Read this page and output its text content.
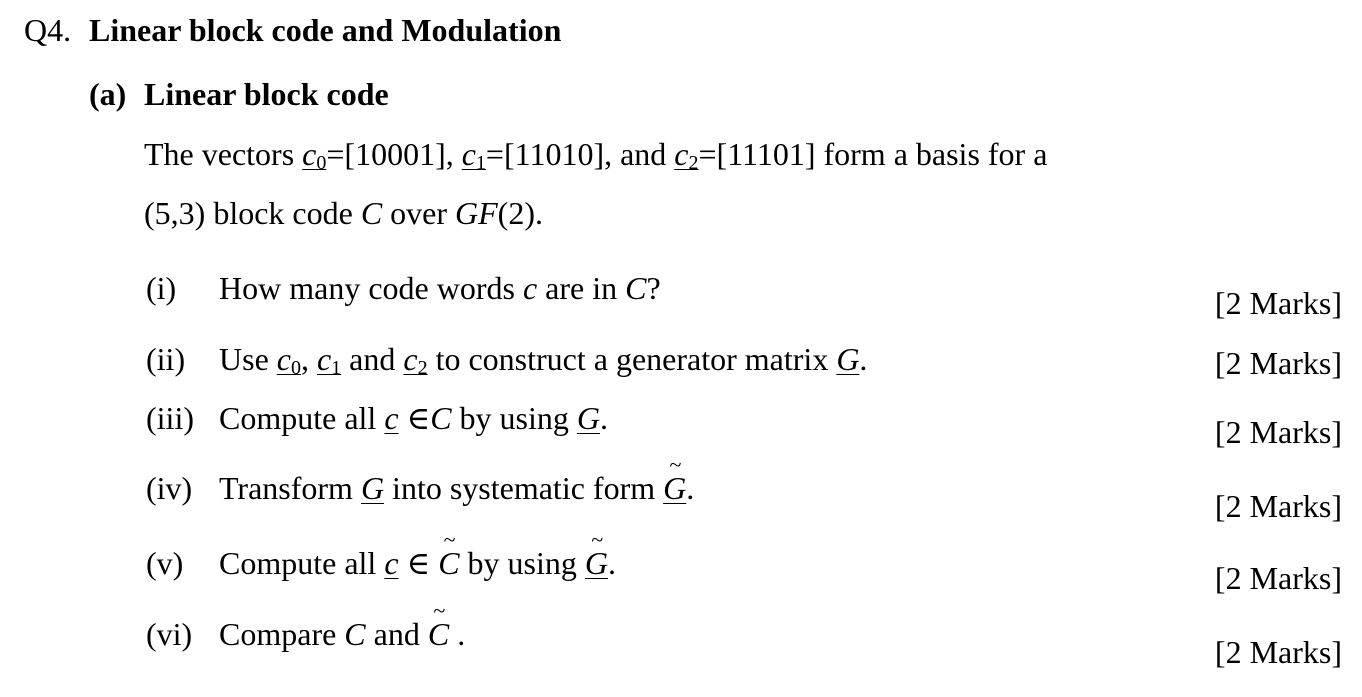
Q4. Linear block code and Modulation
(a) Linear block code
The vectors $c_0=[10001]$, $c_1=[11010]$, and $c_2=[11101]$ form a basis for a
(5,3) block code C over GF(2).
(i) How many code words c are in C?	[2 Marks]
(ii) Use $c_0$, $c_1$ and $c_2$ to construct a generator matrix G.	[2 Marks]
(iii) Compute all c ∈C by using G.	[2 Marks]
(iv) Transform G into systematic form ~ G.	[2 Marks]
(v) Compute all c ∈ ~ C by using ~ G.	[2 Marks]
(vi) Compare C and ~ C .	[2 Marks]
